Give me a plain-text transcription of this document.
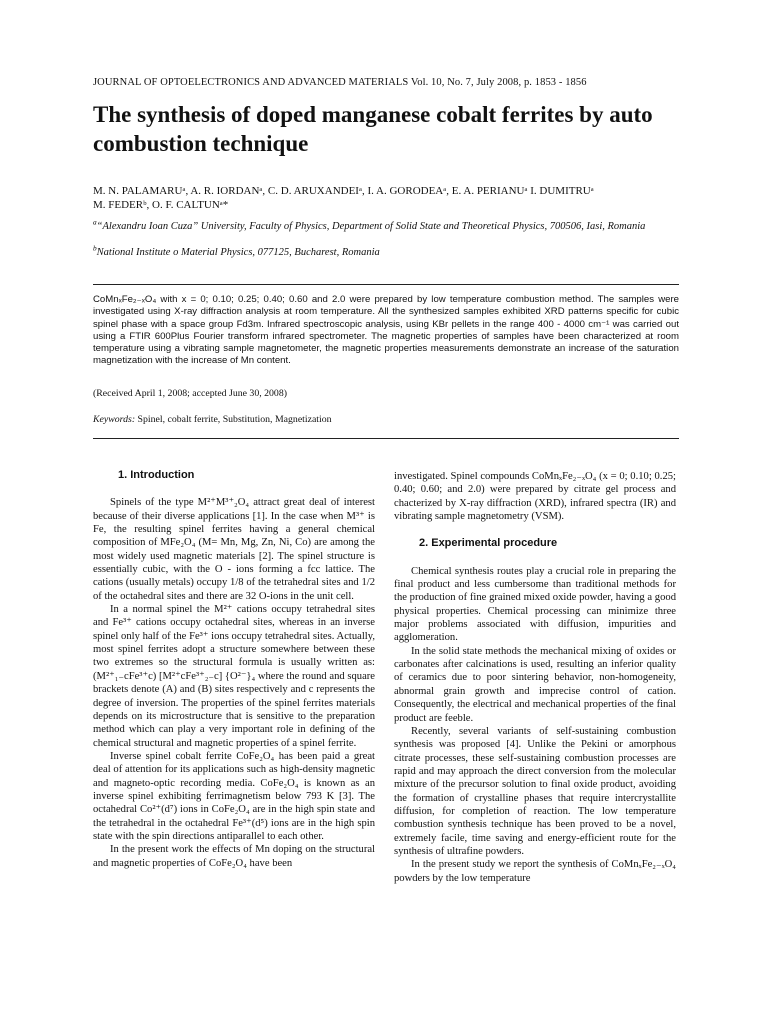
JOURNAL OF OPTOELECTRONICS AND ADVANCED MATERIALS Vol. 10, No. 7, July 2008, p. 1853 - 1856
The synthesis of doped manganese cobalt ferrites by auto combustion technique
M. N. PALAMARUᵃ, A. R. IORDANᵃ, C. D. ARUXANDEIᵃ, I. A. GORODEAᵃ, E. A. PERIANUᵃ I. DUMITRUᵃ
M. FEDERᵇ, O. F. CALTUNᵃ*
$^a$“Alexandru Ioan Cuza” University, Faculty of Physics, Department of Solid State and Theoretical Physics, 700506, Iasi, Romania
$^b$National Institute o Material Physics, 077125, Bucharest, Romania
CoMnₓFe₂₋ₓO₄ with x = 0; 0.10; 0.25; 0.40; 0.60 and 2.0 were prepared by low temperature combustion method. The samples were investigated using X-ray diffraction analysis at room temperature. All the synthesized samples exhibited XRD patterns specific for cubic spinel phase with a space group Fd3m. Infrared spectroscopic analysis, using KBr pellets in the range 400 - 4000 cm⁻¹ was carried out using a FTIR 600Plus Fourier transform infrared spectrometer. The magnetic properties of samples have been characterized at room temperature using a vibrating sample magnetometer, the magnetic properties measurements demonstrate an increase of the saturation magnetization with the increase of Mn content.
(Received April 1, 2008; accepted June 30, 2008)
Keywords: Spinel, cobalt ferrite, Substitution, Magnetization
1. Introduction

Spinels of the type M²⁺M³⁺₂O₄ attract great deal of interest because of their diverse applications [1]. In the case when M³⁺ is Fe, the resulting spinel ferrites having a general chemical composition of MFe₂O₄ (M= Mn, Mg, Zn, Ni, Co) are among the most widely used magnetic materials [2]. The spinel structure is essentially cubic, with the O - ions forming a fcc lattice. The cations (usually metals) occupy 1/8 of the tetrahedral sites and 1/2 of the octahedral sites and there are 32 O-ions in the unit cell.

In a normal spinel the M²⁺ cations occupy tetrahedral sites and Fe³⁺ cations occupy octahedral sites, whereas in an inverse spinel only half of the Fe³⁺ ions occupy tetrahedral sites. Actually, most spinel ferrites adopt a structure somewhere between these two extremes so the structural formula is usually written as: (M²⁺₁₋cFe³⁺c) [M²⁺cFe³⁺₂₋c] {O²⁻}₄ where the round and square brackets denote (A) and (B) sites respectively and c represents the degree of inversion. The properties of the spinel ferrites materials depends on its microstructure that is sensitive to the preparation method which can play a very important role in defining of the chemical structural and magnetic properties of a spinel ferrite.

Inverse spinel cobalt ferrite CoFe₂O₄ has been paid a great deal of attention for its applications such as high-density magnetic and magneto-optic recording media. CoFe₂O₄ is known as an inverse spinel exhibiting ferrimagnetism below 793 K [3]. The octahedral Co²⁺(d⁷) ions in CoFe₂O₄ are in the high spin state and the tetrahedral in the octahedral Fe³⁺(d⁵) ions are in the high spin state with the spin directions antiparallel to each other.

In the present work the effects of Mn doping on the structural and magnetic properties of CoFe₂O₄ have been

investigated. Spinel compounds CoMnₓFe₂₋ₓO₄ (x = 0; 0.10; 0.25; 0.40; 0.60; and 2.0) were prepared by citrate gel process and chacterized by X-ray diffraction (XRD), infrared spectra (IR) and vibrating sample magnetometry (VSM).

2. Experimental procedure

Chemical synthesis routes play a crucial role in preparing the final product and less cumbersome than traditional methods for the production of fine grained mixed oxide powder, having a good physical properties. Chemical processing can minimize three major problems associated with diffusion, impurities and agglomeration.

In the solid state methods the mechanical mixing of oxides or carbonates after calcinations is used, resulting an inferior quality of ceramics due to poor sintering behavior, non-homogeneity, abnormal grain growth and imprecise control of cation. Consequently, the electrical and mechanical properties of the final product are feeble.

Recently, several variants of self-sustaining combustion synthesis was proposed [4]. Unlike the Pekini or amorphous citrate processes, these self-sustaining combustion processes are rapid and may approach the direct conversion from the molecular mixture of the precursor solution to final oxide product, avoiding the formation of crystalline phases that require intercrystallite diffusion, for completion of reaction. The low temperature combustion synthesis technique has been proved to be a novel, extremely facile, time saving and energy-efficient route for the synthesis of ultrafine powders.

In the present study we report the synthesis of CoMnₓFe₂₋ₓO₄ powders by the low temperature
